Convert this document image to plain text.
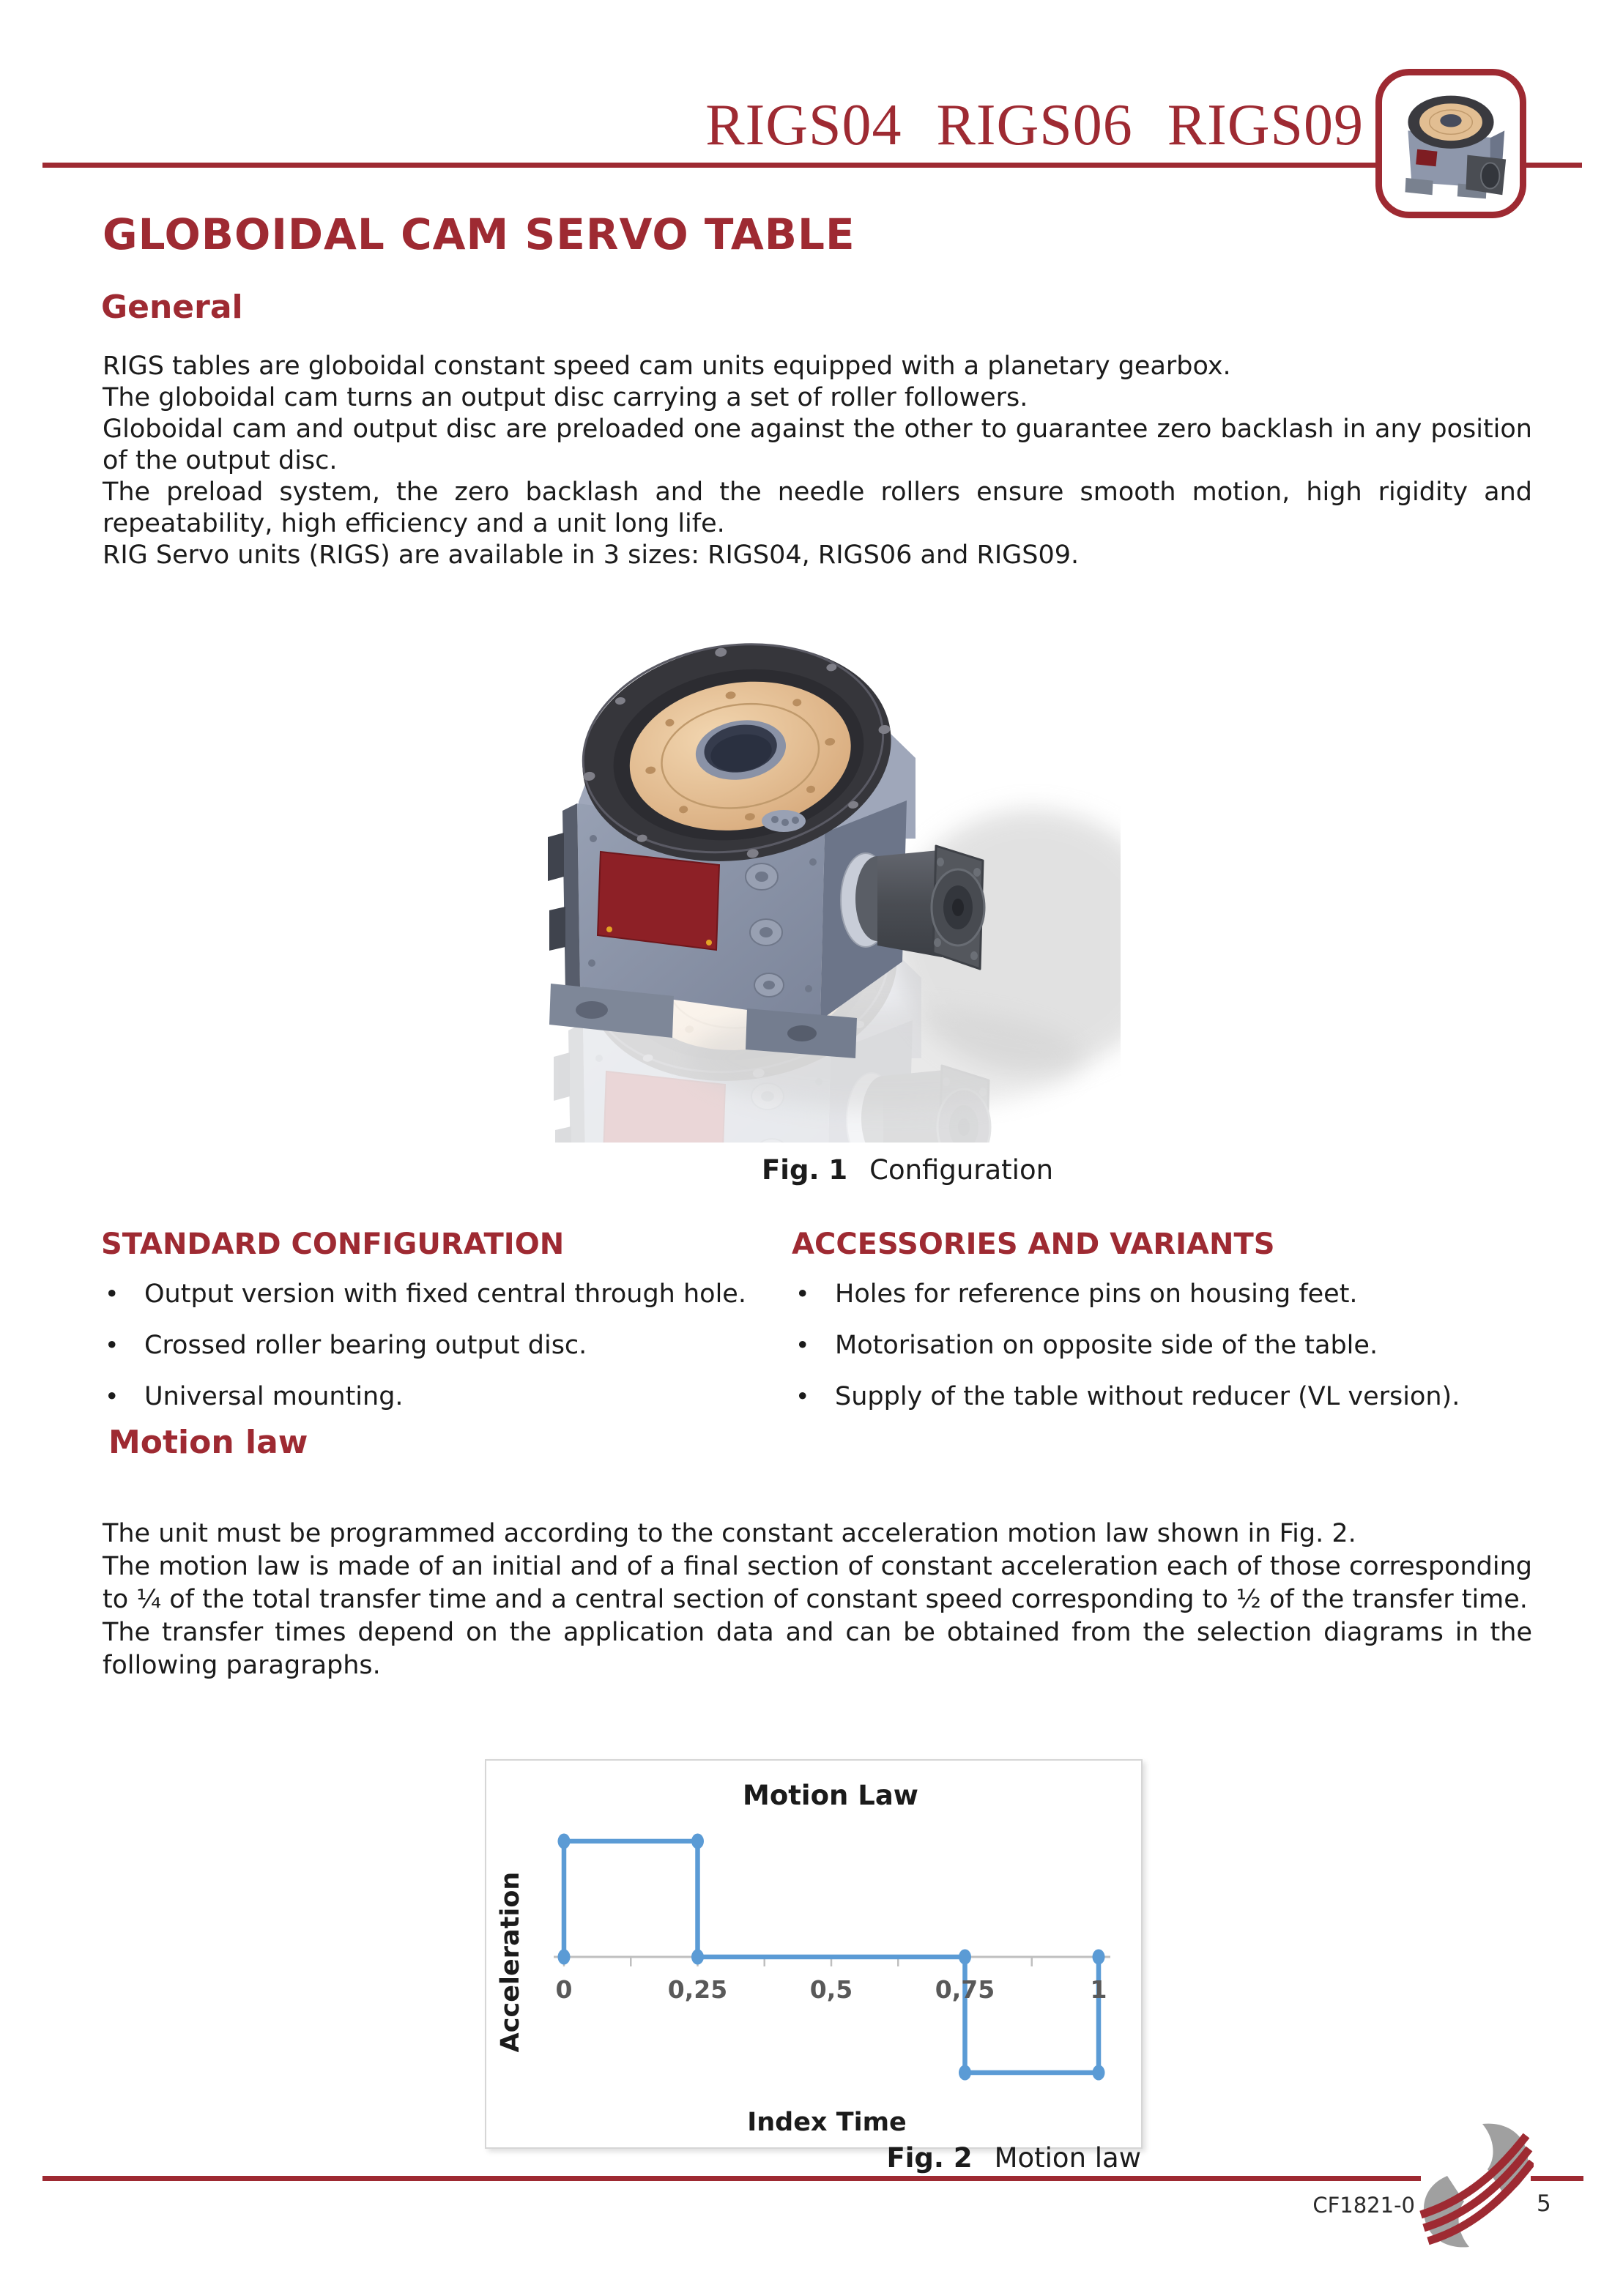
RIGS04 RIGS06 RIGS09
GLOBOIDAL CAM SERVO TABLE
General

RIGS tables are globoidal constant speed cam units equipped with a planetary gearbox.

The globoidal cam turns an output disc carrying a set of roller followers.

Globoidal cam and output disc are preloaded one against the other to guarantee zero backlash in any position of the output disc.

The preload system, the zero backlash and the needle rollers ensure smooth motion, high rigidity and repeatability, high efficiency and a unit long life.

RIG Servo units (RIGS) are available in 3 sizes: RIGS04, RIGS06 and RIGS09.

Fig. 1 Configuration
STANDARD CONFIGURATION	ACCESSORIES AND VARIANTS
• Output version with fixed central through hole.
• Crossed roller bearing output disc.
• Universal mounting.
• Holes for reference pins on housing feet.
• Motorisation on opposite side of the table.
• Supply of the table without reducer (VL version).
Motion law

The unit must be programmed according to the constant acceleration motion law shown in Fig. 2.

The motion law is made of an initial and of a final section of constant acceleration each of those corresponding to ¼ of the total transfer time and a central section of constant speed corresponding to ½ of the transfer time.

The transfer times depend on the application data and can be obtained from the selection diagrams in the following paragraphs.

0	0,25	0,5	0,75	1
Motion Law
Index Time
Acceleration
Fig. 2 Motion law
CF1821-0	5
